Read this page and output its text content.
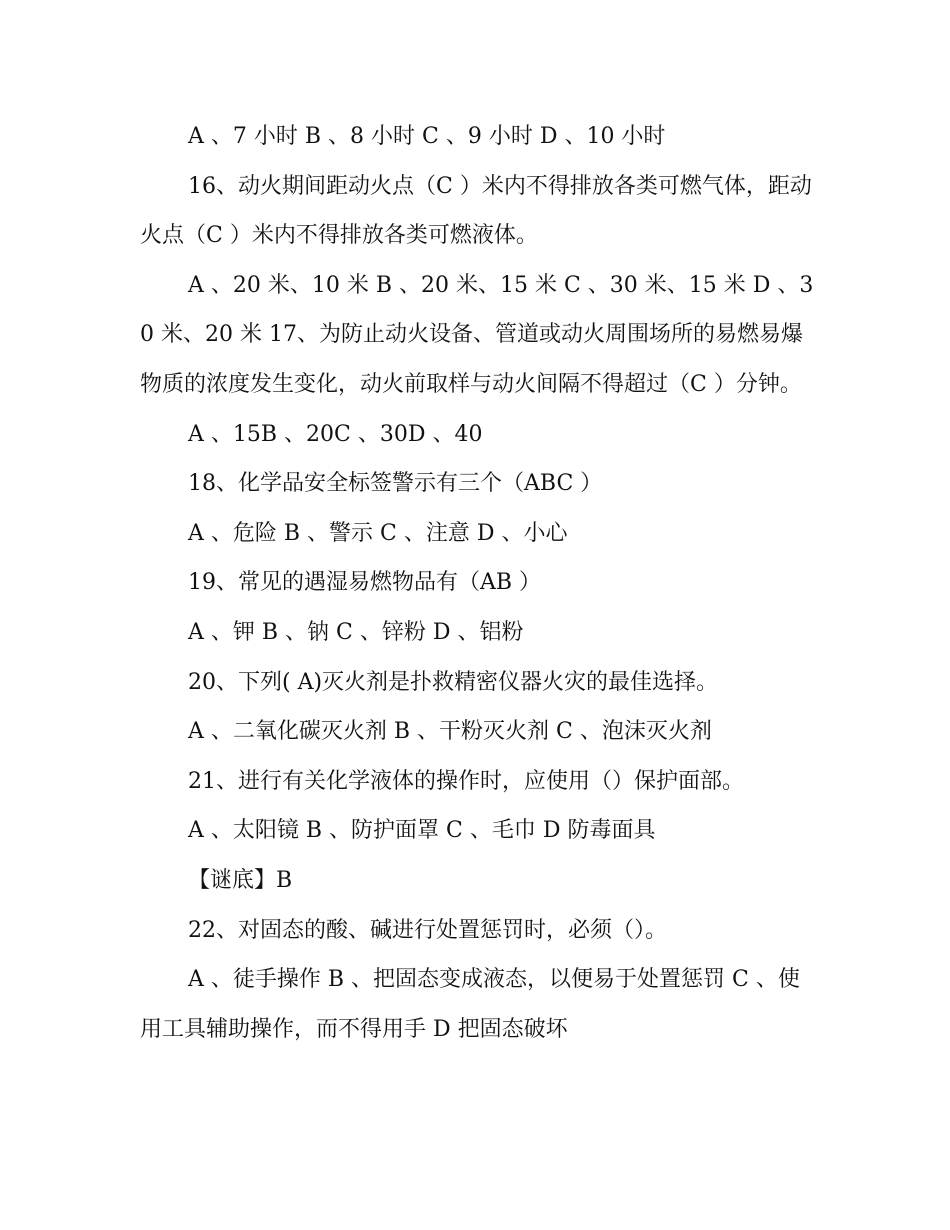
A 、7 小时 B 、8 小时 C 、9 小时 D 、10 小时

16、动火期间距动火点（C ）米内不得排放各类可燃气体，距动火点（C ）米内不得排放各类可燃液体。

A 、20 米、10 米 B 、20 米、15 米 C 、30 米、15 米 D 、30 米、20 米 17、为防止动火设备、管道或动火周围场所的易燃易爆物质的浓度发生变化，动火前取样与动火间隔不得超过（C ）分钟。

A 、15B 、20C 、30D 、40

18、化学品安全标签警示有三个（ABC ）

A 、危险 B 、警示 C 、注意 D 、小心

19、常见的遇湿易燃物品有（AB ）

A 、钾 B 、钠 C 、锌粉 D 、铝粉

20、下列( A)灭火剂是扑救精密仪器火灾的最佳选择。

A 、二氧化碳灭火剂 B 、干粉灭火剂 C 、泡沫灭火剂

21、进行有关化学液体的操作时，应使用（）保护面部。

A 、太阳镜 B 、防护面罩 C 、毛巾 D 防毒面具

【谜底】B

22、对固态的酸、碱进行处置惩罚时，必须（）。

A 、徒手操作 B 、把固态变成液态，以便易于处置惩罚 C 、使用工具辅助操作，而不得用手 D 把固态破坏
